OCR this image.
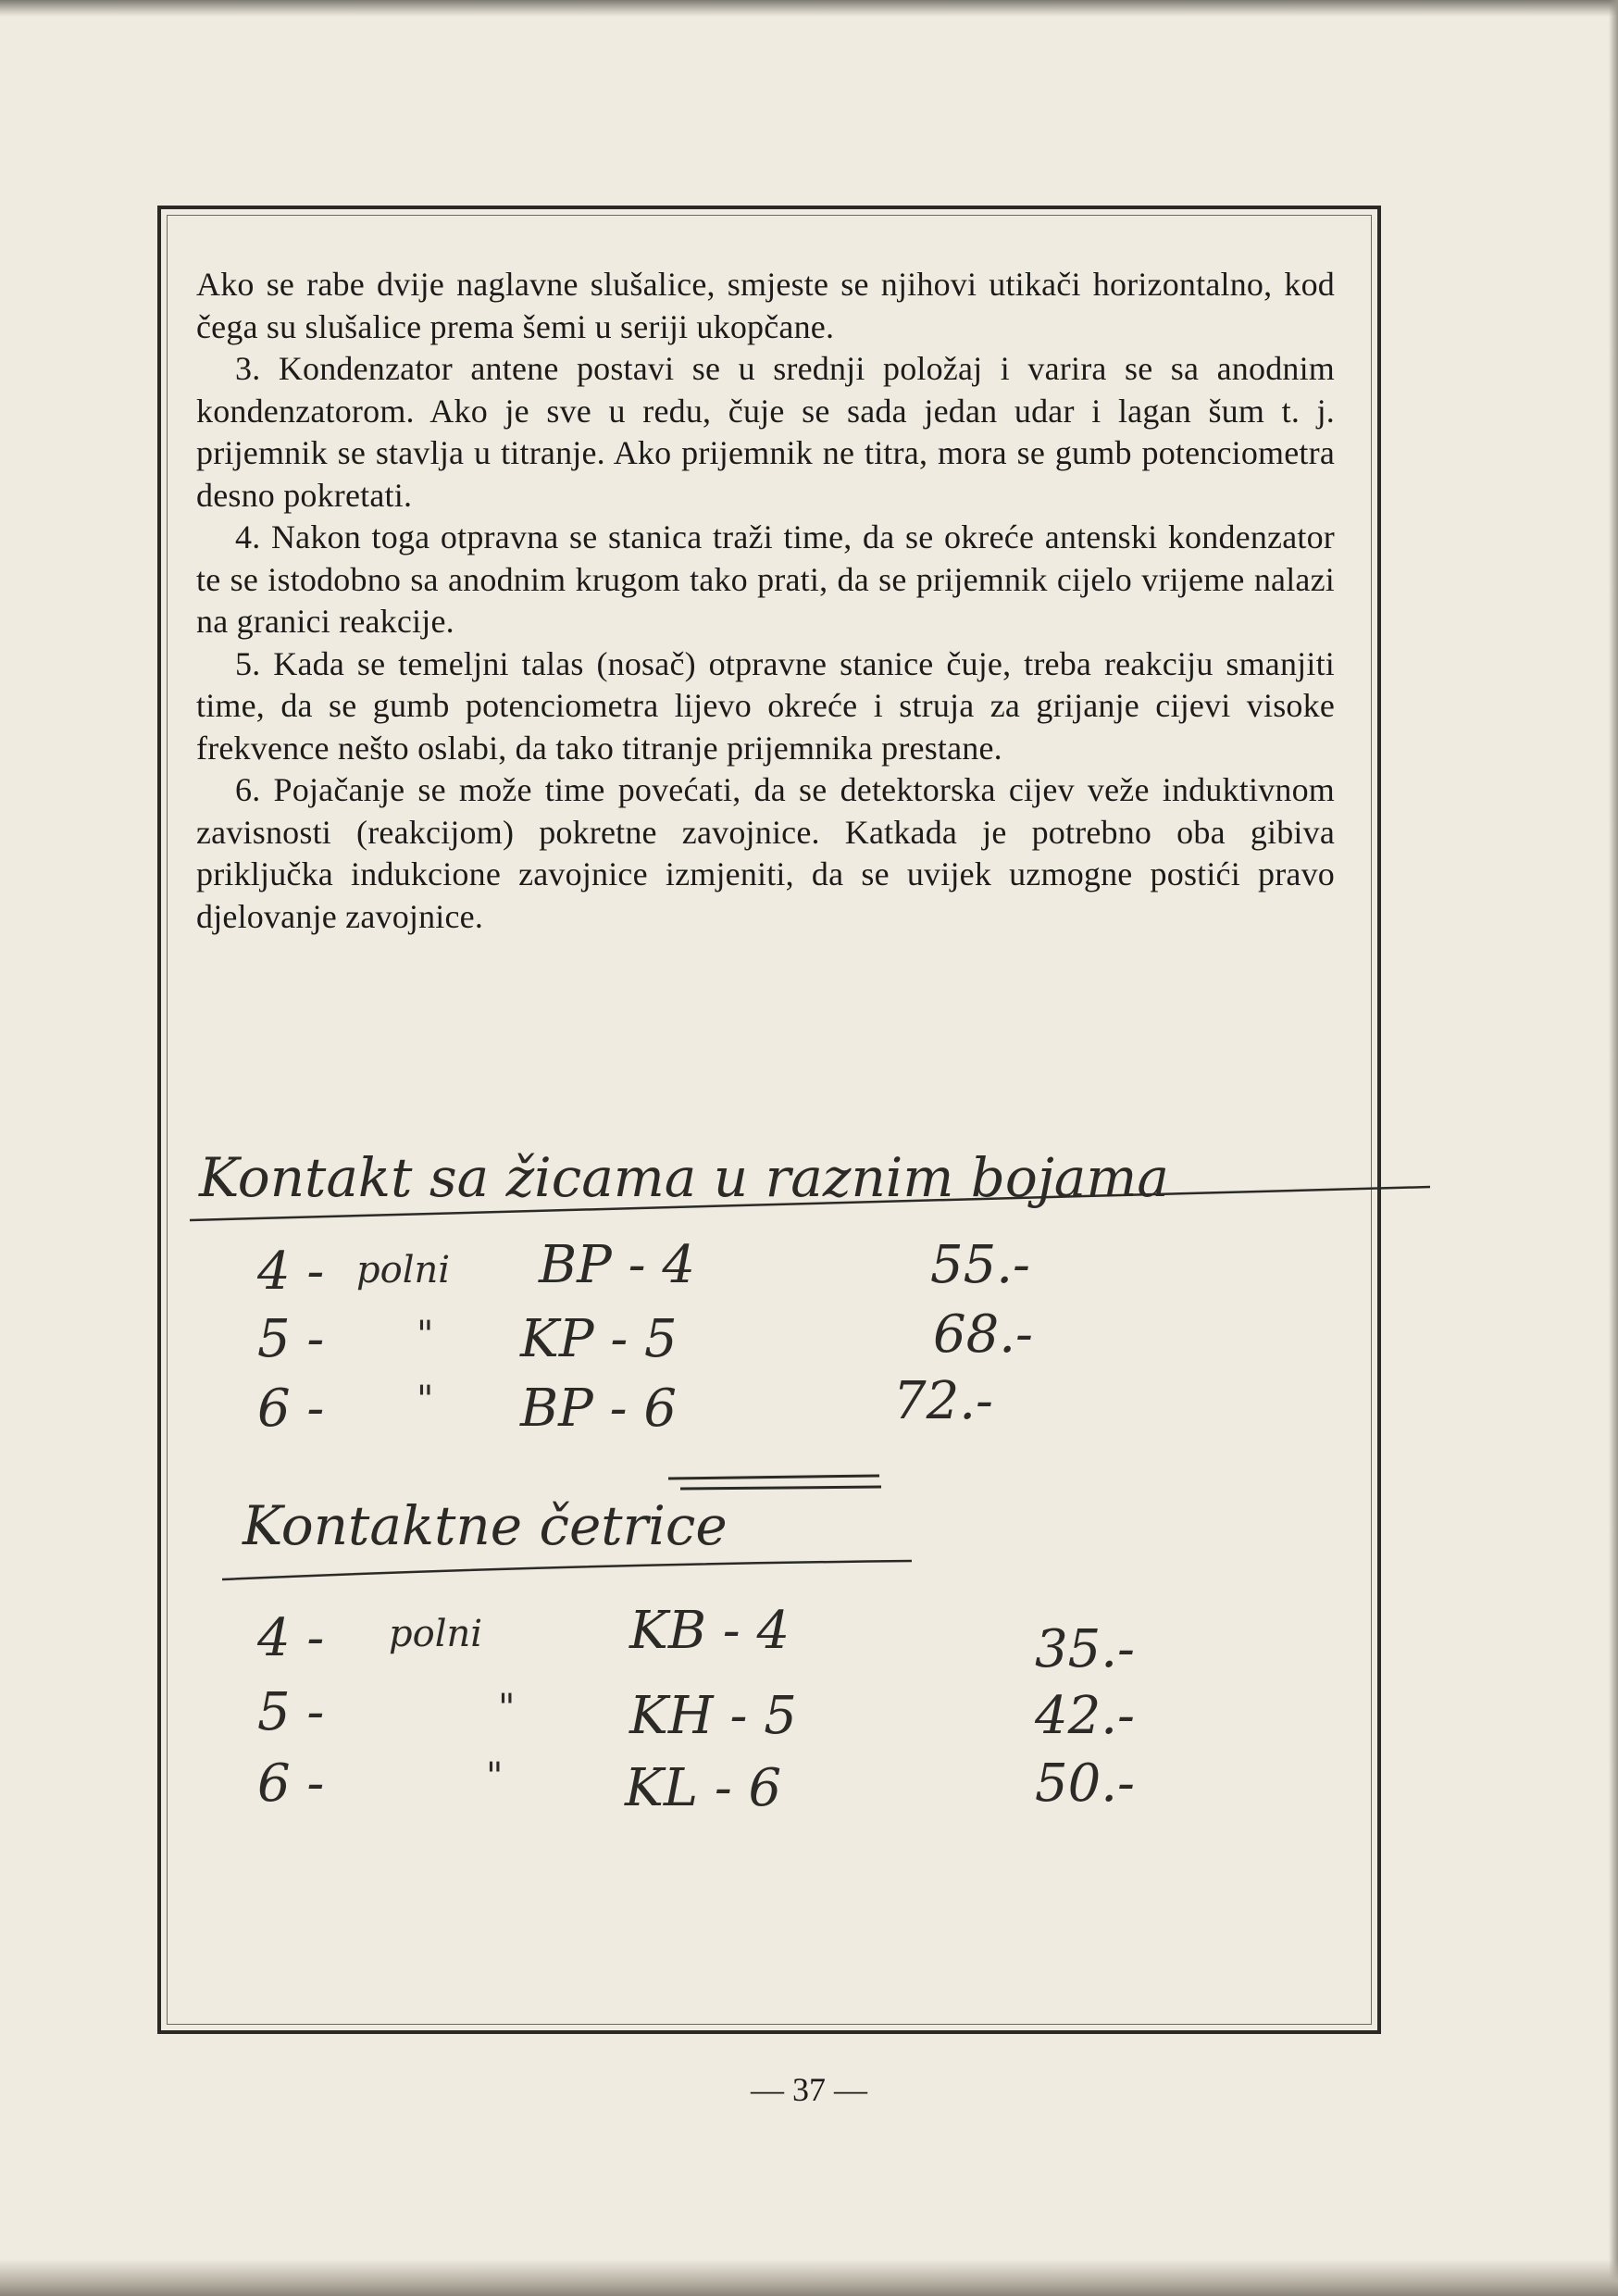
Ako se rabe dvije naglavne slušalice, smjeste se njihovi utikači horizontalno, kod čega su slušalice prema šemi u seriji ukopčane.

3. Kondenzator antene postavi se u srednji položaj i varira se sa anodnim kondenzatorom. Ako je sve u redu, čuje se sada jedan udar i lagan šum t. j. prijemnik se stavlja u titranje. Ako prijemnik ne titra, mora se gumb potenciometra desno pokretati.

4. Nakon toga otpravna se stanica traži time, da se okreće antenski kondenzator te se istodobno sa anodnim krugom tako prati, da se prijemnik cijelo vrijeme nalazi na granici reakcije.

5. Kada se temeljni talas (nosač) otpravne stanice čuje, treba reakciju smanjiti time, da se gumb potenciometra lijevo okreće i struja za grijanje cijevi visoke frekvence nešto oslabi, da tako titranje prijemnika prestane.

6. Pojačanje se može time povećati, da se detektorska cijev veže induktivnom zavisnosti (reakcijom) pokretne zavojnice. Katkada je potrebno oba gibiva priključka indukcione zavojnice izmjeniti, da se uvijek uzmogne postići pravo djelovanje zavojnice.

Kontakt sa žicama u raznim bojama
4 - polni BP - 4	55.-
5 - " KP - 5	68.-
6 - " BP - 6	72.-
Kontaktne četrice
4 - polni	KB - 4	35.-
5 -	" KH - 5	42.-
6 -	" KL - 6	50.-
— 37 —
